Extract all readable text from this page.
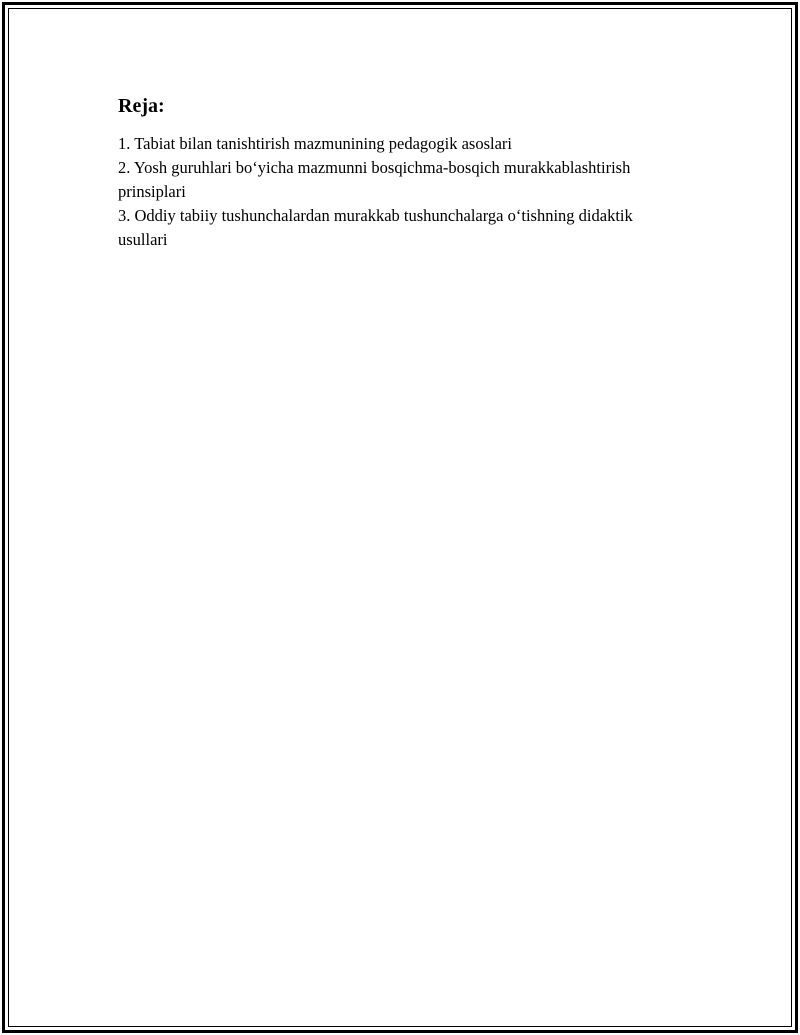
Reja:
1. Tabiat bilan tanishtirish mazmunining pedagogik asoslari
2. Yosh guruhlari bo‘yicha mazmunni bosqichma-bosqich murakkablashtirish prinsiplari
3. Oddiy tabiiy tushunchalardan murakkab tushunchalarga o‘tishning didaktik usullari
